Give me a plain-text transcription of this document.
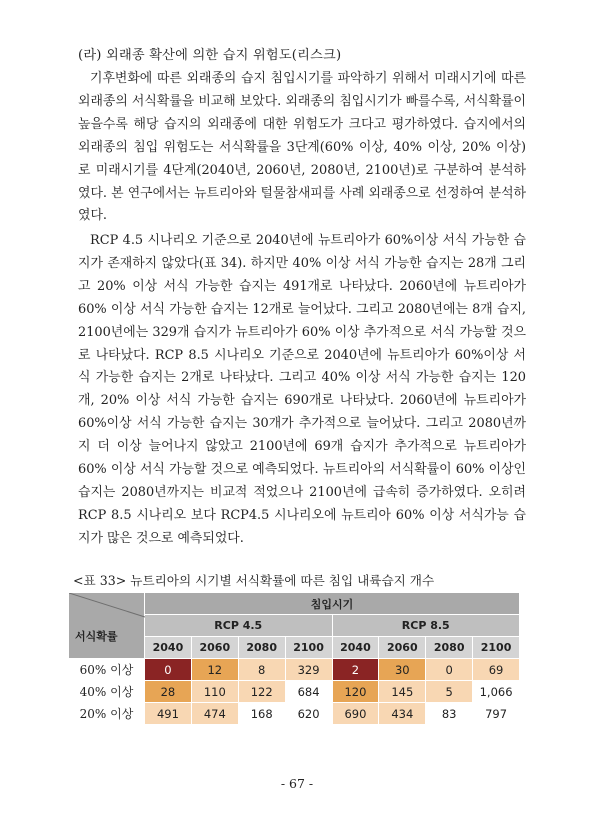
(라) 외래종 확산에 의한 습지 위험도(리스크)

기후변화에 따른 외래종의 습지 침입시기를 파악하기 위해서 미래시기에 따른 외래종의 서식확률을 비교해 보았다. 외래종의 침입시기가 빠를수록, 서식확률이 높을수록 해당 습지의 외래종에 대한 위험도가 크다고 평가하였다. 습지에서의 외래종의 침입 위험도는 서식확률을 3단계(60% 이상, 40% 이상, 20% 이상)로 미래시기를 4단계(2040년, 2060년, 2080년, 2100년)로 구분하여 분석하였다. 본 연구에서는 뉴트리아와 털물참새피를 사례 외래종으로 선정하여 분석하였다.

RCP 4.5 시나리오 기준으로 2040년에 뉴트리아가 60%이상 서식 가능한 습지가 존재하지 않았다(표 34). 하지만 40% 이상 서식 가능한 습지는 28개 그리고 20% 이상 서식 가능한 습지는 491개로 나타났다. 2060년에 뉴트리아가 60% 이상 서식 가능한 습지는 12개로 늘어났다. 그리고 2080년에는 8개 습지, 2100년에는 329개 습지가 뉴트리아가 60% 이상 추가적으로 서식 가능할 것으로 나타났다. RCP 8.5 시나리오 기준으로 2040년에 뉴트리아가 60%이상 서식 가능한 습지는 2개로 나타났다. 그리고 40% 이상 서식 가능한 습지는 120개, 20% 이상 서식 가능한 습지는 690개로 나타났다. 2060년에 뉴트리아가 60%이상 서식 가능한 습지는 30개가 추가적으로 늘어났다. 그리고 2080년까지 더 이상 늘어나지 않았고 2100년에 69개 습지가 추가적으로 뉴트리아가 60% 이상 서식 가능할 것으로 예측되었다. 뉴트리아의 서식확률이 60% 이상인 습지는 2080년까지는 비교적 적었으나 2100년에 급속히 증가하였다. 오히려 RCP 8.5 시나리오 보다 RCP4.5 시나리오에 뉴트리아 60% 이상 서식가능 습지가 많은 것으로 예측되었다.

<표 33> 뉴트리아의 시기별 서식확률에 따른 침입 내륙습지 개수
서식확률	침입시기							
	RCP 4.5				RCP 8.5			
	2040	2060	2080	2100	2040	2060	2080	2100
60% 이상	0	12	8	329	2	30	0	69
40% 이상	28	110	122	684	120	145	5	1,066
20% 이상	491	474	168	620	690	434	83	797
- 67 -
